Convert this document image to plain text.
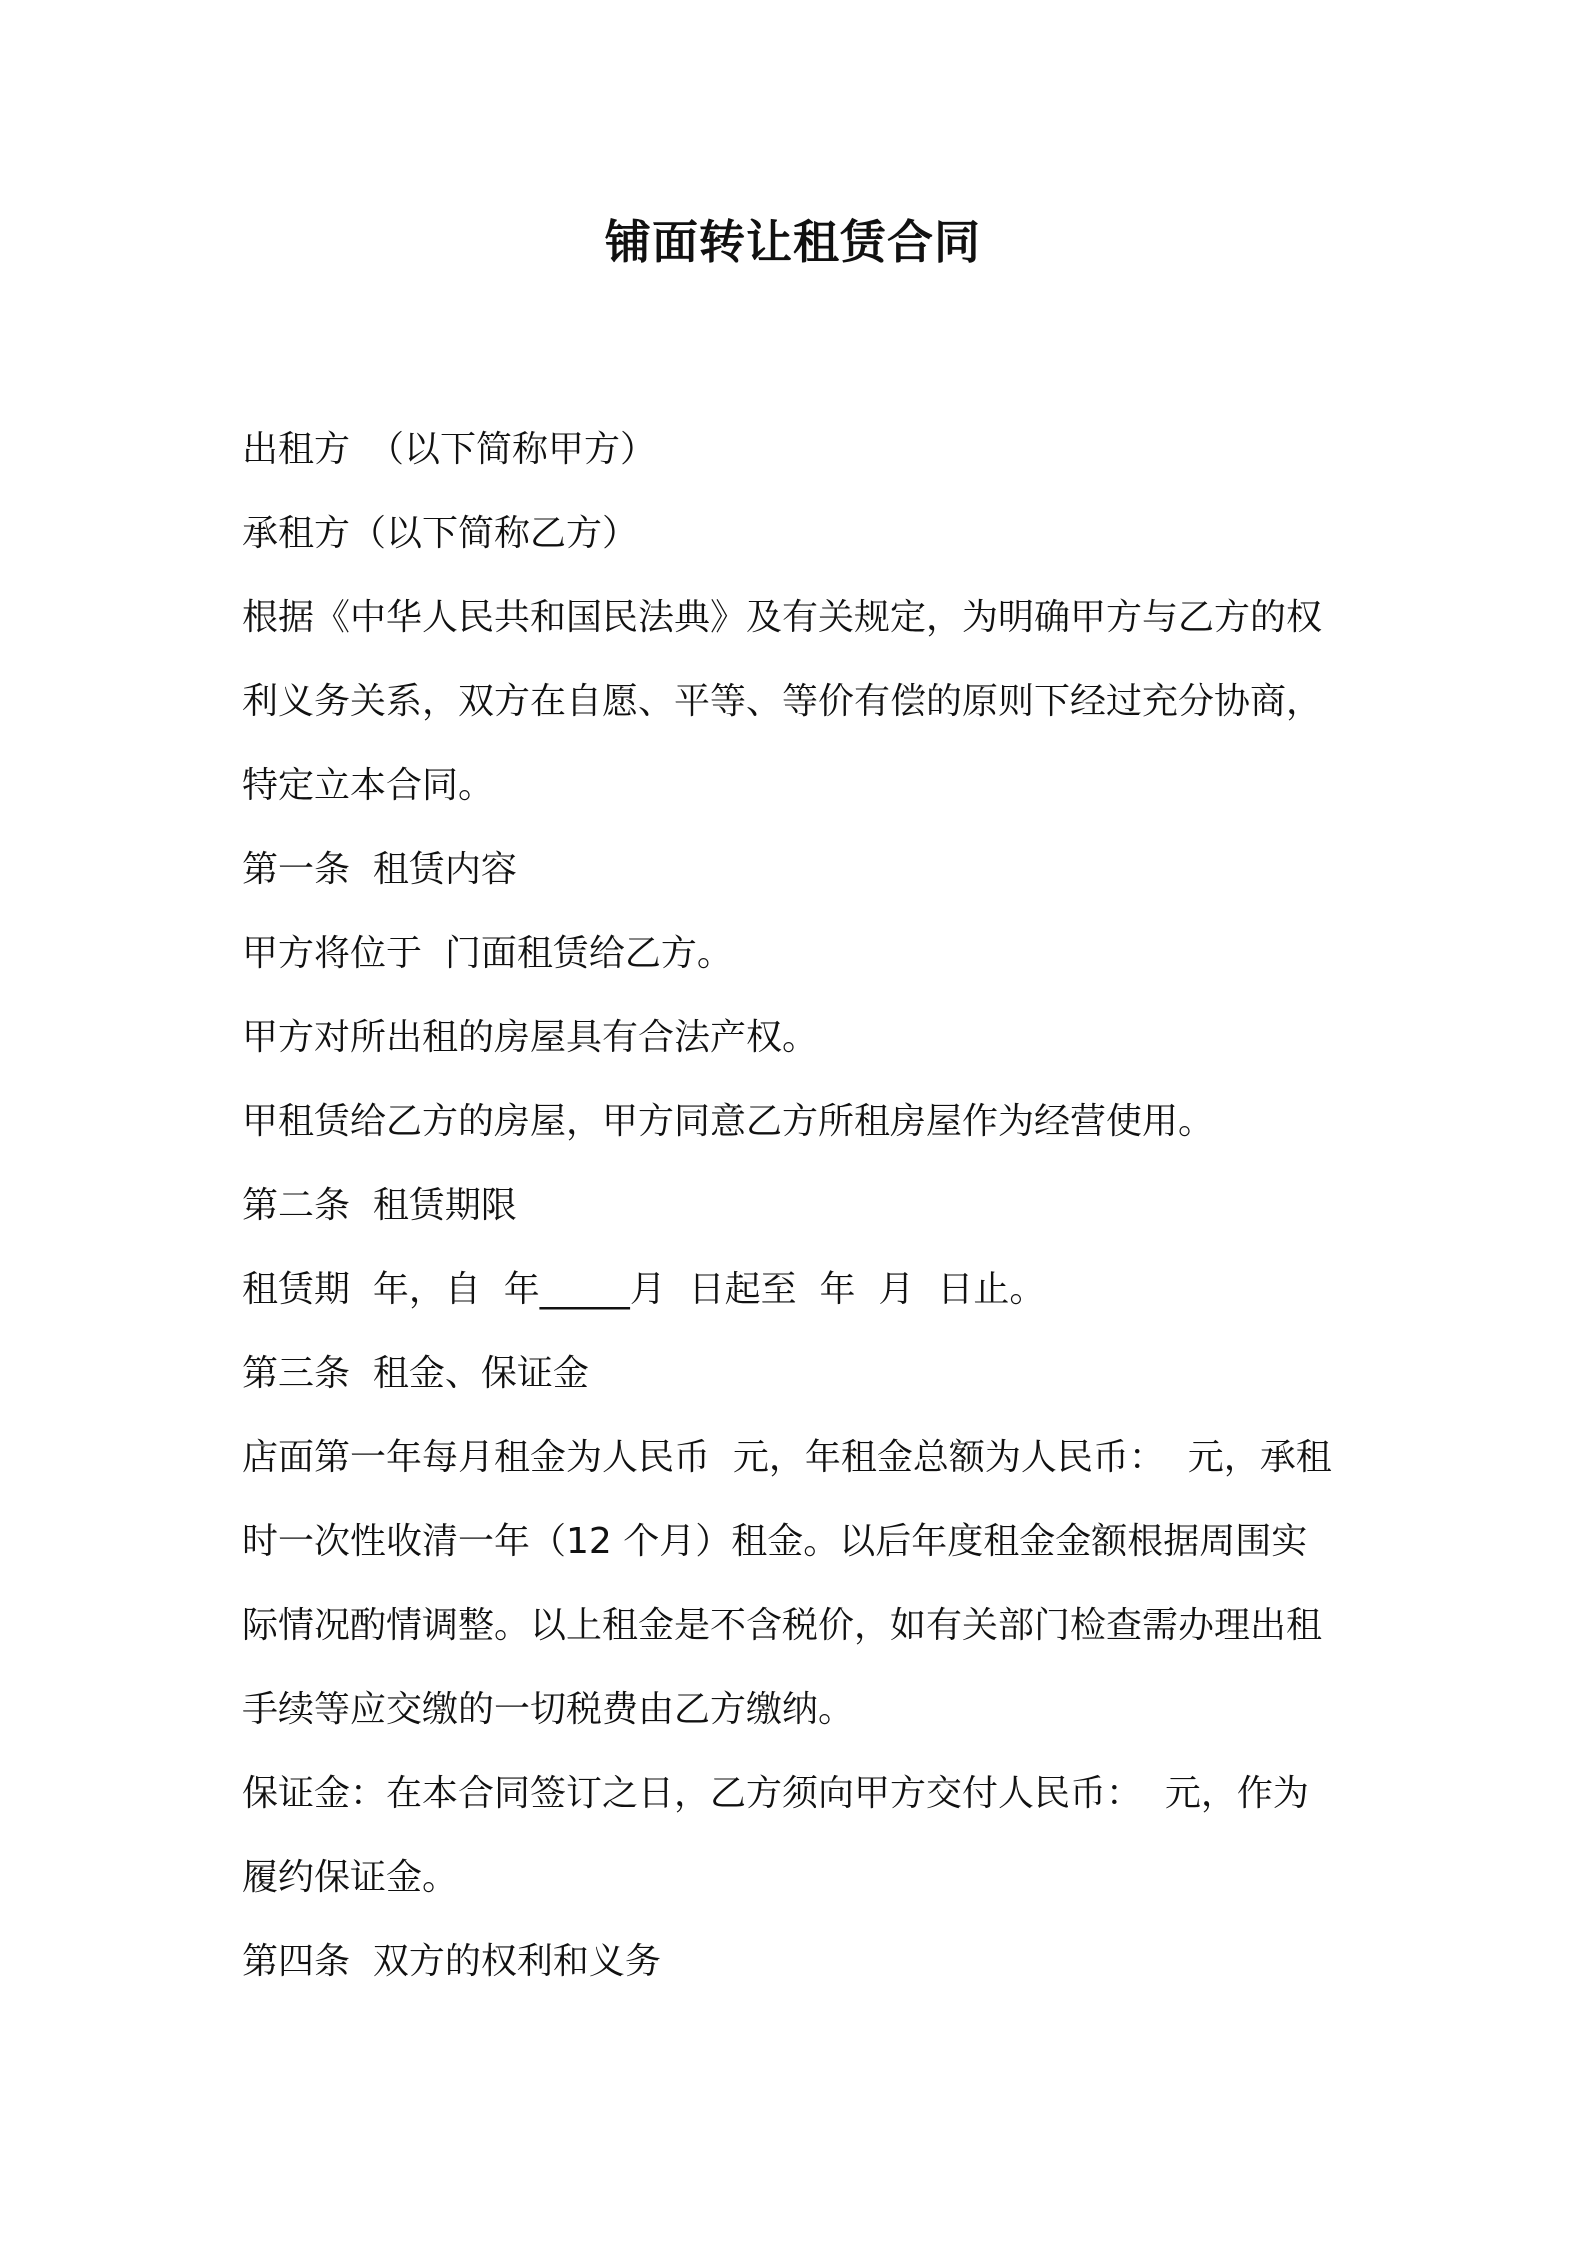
铺面转让租赁合同

出租方　（以下简称甲方）

承租方（以下简称乙方）

根据《中华人民共和国民法典》及有关规定，为明确甲方与乙方的权

利义务关系，双方在自愿、平等、等价有偿的原则下经过充分协商，

特定立本合同。

第一条  租赁内容

甲方将位于  门面租赁给乙方。

甲方对所出租的房屋具有合法产权。

甲租赁给乙方的房屋，甲方同意乙方所租房屋作为经营使用。

第二条  租赁期限

租赁期  年，自  年_____月  日起至  年  月  日止。

第三条  租金、保证金

店面第一年每月租金为人民币  元，年租金总额为人民币：  元，承租

时一次性收清一年（12 个月）租金。以后年度租金金额根据周围实

际情况酌情调整。以上租金是不含税价，如有关部门检查需办理出租

手续等应交缴的一切税费由乙方缴纳。

保证金：在本合同签订之日，乙方须向甲方交付人民币：  元，作为

履约保证金。

第四条  双方的权利和义务
